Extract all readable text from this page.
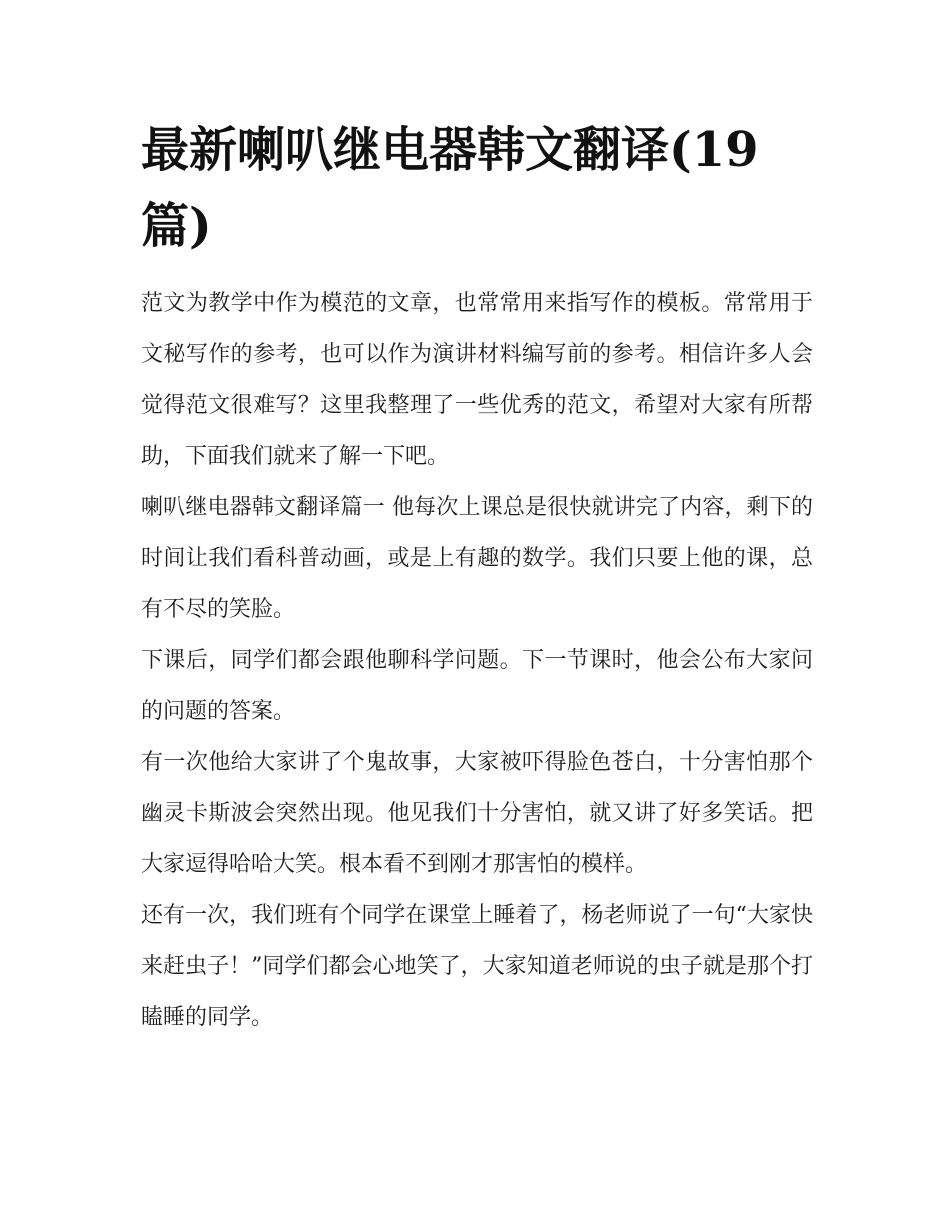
最新喇叭继电器韩文翻译(19篇)

范文为教学中作为模范的文章，也常常用来指写作的模板。常常用于文秘写作的参考，也可以作为演讲材料编写前的参考。相信许多人会觉得范文很难写？这里我整理了一些优秀的范文，希望对大家有所帮助，下面我们就来了解一下吧。

喇叭继电器韩文翻译篇一 他每次上课总是很快就讲完了内容，剩下的时间让我们看科普动画，或是上有趣的数学。我们只要上他的课，总有不尽的笑脸。

下课后，同学们都会跟他聊科学问题。下一节课时，他会公布大家问的问题的答案。

有一次他给大家讲了个鬼故事，大家被吓得脸色苍白，十分害怕那个幽灵卡斯波会突然出现。他见我们十分害怕，就又讲了好多笑话。把大家逗得哈哈大笑。根本看不到刚才那害怕的模样。

还有一次，我们班有个同学在课堂上睡着了，杨老师说了一句“大家快来赶虫子！”同学们都会心地笑了，大家知道老师说的虫子就是那个打瞌睡的同学。
